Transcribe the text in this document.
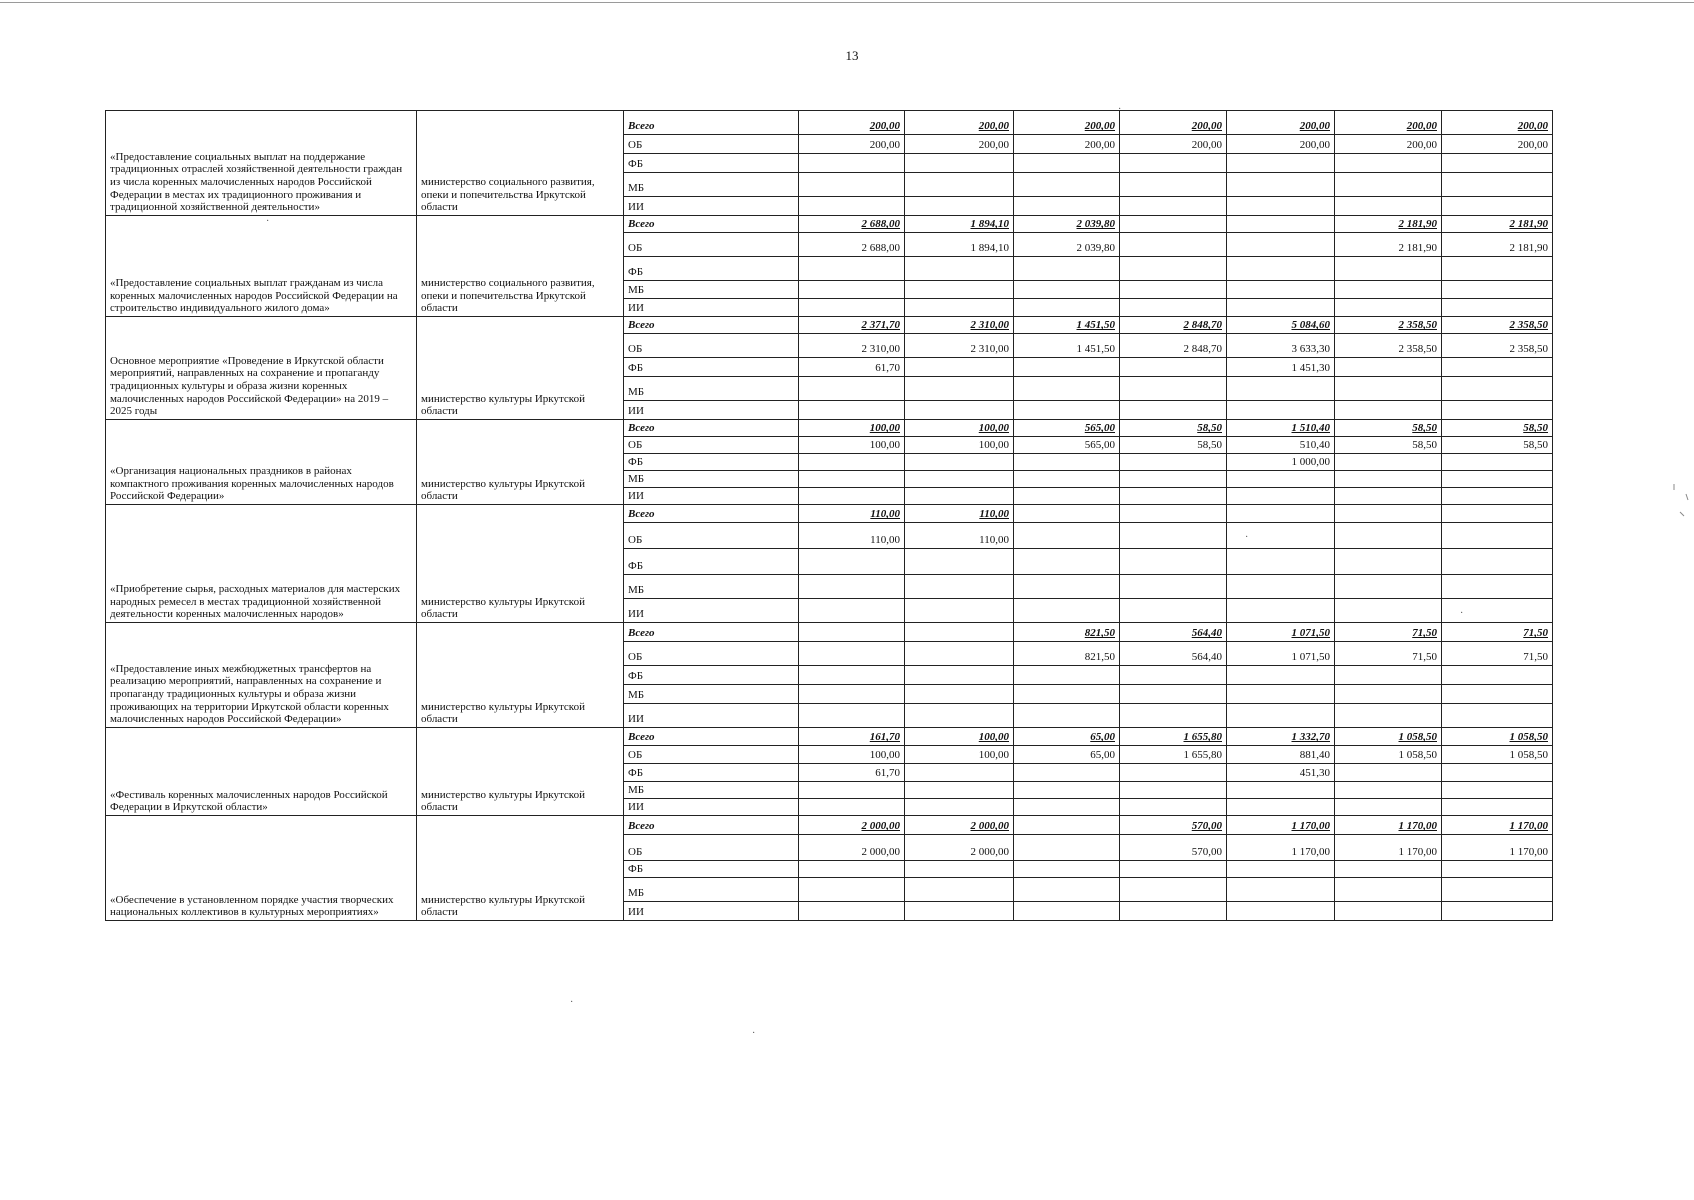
13
«Предоставление социальных выплат на поддержание традиционных отраслей хозяйственной деятельности граждан из числа коренных малочисленных народов Российской Федерации в местах их традиционного проживания и традиционной хозяйственной деятельности»	министерство социального развития, опеки и попечительства Иркутской области	Всего	200,00	200,00	200,00	200,00	200,00	200,00	200,00
		ОБ	200,00	200,00	200,00	200,00	200,00	200,00	200,00
		ФБ							
		МБ							
		ИИ							
«Предоставление социальных выплат гражданам из числа коренных малочисленных народов Российской Федерации на строительство индивидуального жилого дома»	министерство социального развития, опеки и попечительства Иркутской области	Всего	2 688,00	1 894,10	2 039,80			2 181,90	2 181,90
		ОБ	2 688,00	1 894,10	2 039,80			2 181,90	2 181,90
		ФБ							
		МБ							
		ИИ							
Основное мероприятие «Проведение в Иркутской области мероприятий, направленных на сохранение и пропаганду традиционных культуры и образа жизни коренных малочисленных народов Российской Федерации» на 2019 – 2025 годы	министерство культуры Иркутской области	Всего	2 371,70	2 310,00	1 451,50	2 848,70	5 084,60	2 358,50	2 358,50
		ОБ	2 310,00	2 310,00	1 451,50	2 848,70	3 633,30	2 358,50	2 358,50
		ФБ	61,70				1 451,30		
		МБ							
		ИИ							
«Организация национальных праздников в районах компактного проживания коренных малочисленных народов Российской Федерации»	министерство культуры Иркутской области	Всего	100,00	100,00	565,00	58,50	1 510,40	58,50	58,50
		ОБ	100,00	100,00	565,00	58,50	510,40	58,50	58,50
		ФБ					1 000,00		
		МБ							
		ИИ							
«Приобретение сырья, расходных материалов для мастерских народных ремесел в местах традиционной хозяйственной деятельности коренных малочисленных народов»	министерство культуры Иркутской области	Всего	110,00	110,00					
		ОБ	110,00	110,00					
		ФБ							
		МБ							
		ИИ							
«Предоставление иных межбюджетных трансфертов на реализацию мероприятий, направленных на сохранение и пропаганду традиционных культуры и образа жизни проживающих на территории Иркутской области коренных малочисленных народов Российской Федерации»	министерство культуры Иркутской области	Всего			821,50	564,40	1 071,50	71,50	71,50
		ОБ			821,50	564,40	1 071,50	71,50	71,50
		ФБ							
		МБ							
		ИИ							
«Фестиваль коренных малочисленных народов Российской Федерации в Иркутской области»	министерство культуры Иркутской области	Всего	161,70	100,00	65,00	1 655,80	1 332,70	1 058,50	1 058,50
		ОБ	100,00	100,00	65,00	1 655,80	881,40	1 058,50	1 058,50
		ФБ	61,70				451,30		
		МБ							
		ИИ							
«Обеспечение в установленном порядке участия творческих национальных коллективов в культурных мероприятиях»	министерство культуры Иркутской области	Всего	2 000,00	2 000,00		570,00	1 170,00	1 170,00	1 170,00
		ОБ	2 000,00	2 000,00		570,00	1 170,00	1 170,00	1 170,00
		ФБ							
		МБ							
		ИИ							
·
·
·
·
·
·
